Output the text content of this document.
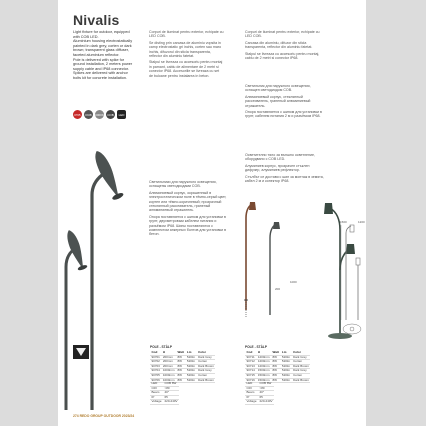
Nivalis

Light fixture for outdoor, equipped with COB LED.

Aluminium housing electrostatically painted in dark grey, corten or dark brown; transparent glass diffuser, faceted aluminium reflector.

Pole is delivered with spike for ground installation, 2 meters power supply cable and IP68 connector. Spikes are delivered with anchor bolts kit for concrete installation.

IP65	IK08	3000K	COB	LED

Corpuri de iluminat pentru exterior, echipate cu LED COB.

Se disting prin carcasa de aluminiu vopsita in camp electrostatic gri inchis, corten sau maro inchis, difuzorul din sticla transparenta, reflector din aluminiu fatetat.

Stalpul se livreaza cu accesoriu pentru montaj in pamant, cablu de alimentare de 2 metri si conector IP68. Accesoriile se livreaza cu set de buloane pentru instalarea in beton.

Светильники для наружного освещения, оснащены светодиодами COB.

Алюминиевый корпус, окрашенный в электростатическом поле в тёмно-серый цвет, кортен или тёмно-коричневый; прозрачный стеклянный рассеиватель, граненый алюминиевый отражатель.

Опора поставляется с шипом для установки в грунт, двухметровым кабелем питания и разъёмом IP68. Шипы поставляются с комплектом анкерных болтов для установки в бетон.

Corpuri de iluminat pentru exterior, echipate cu LED COB.

Carcasa din aluminiu, difuzor din sticla transparenta, reflector din aluminiu fatetat.

Stalpul se livreaza cu accesoriu pentru montaj, cablu de 2 metri si conector IP68.

Светильник для наружного освещения, оснащен светодиодом COB.

Алюминиевый корпус, стеклянный рассеиватель, граненый алюминиевый отражатель.

Опора поставляется с шипом для установки в грунт, кабелем питания 2 м и разъёмом IP68.

Осветително тяло за външно осветление, оборудвано с COB LED.

Алуминиев корпус, прозрачен стъклен дифузер, алуминиев рефлектор.

Стълбът се доставя с шип за монтаж в земята, кабел 2 м и конектор IP68.

200
1500	1200
1000
POLE - STÂLP
Cod	H	Watt	Lm	Color
90701	200mm	8W	520lm	Dark Grey
90702	200mm	8W	520lm	Corten
90703	200mm	8W	520lm	Dark Brown
90704	1000mm	8W	520lm	Dark Grey
90705	1000mm	8W	520lm	Corten
90706	1000mm	8W	520lm	Dark Brown
LED	COB 8W
CRI	>80
Beam	40°
IP	65
Voltage	220-240V
POLE - STÂLP
Cod	H	Watt	Lm	Color
90711	1200mm	8W	520lm	Dark Grey
90712	1200mm	8W	520lm	Corten
90713	1200mm	8W	520lm	Dark Brown
90714	1500mm	8W	520lm	Dark Grey
90715	1500mm	8W	520lm	Corten
90716	1500mm	8W	520lm	Dark Brown
LED	COB 8W
CRI	>80
Beam	40°
IP	65
Voltage	220-240V
274 REDO GROUP OUTDOOR 2023/24
